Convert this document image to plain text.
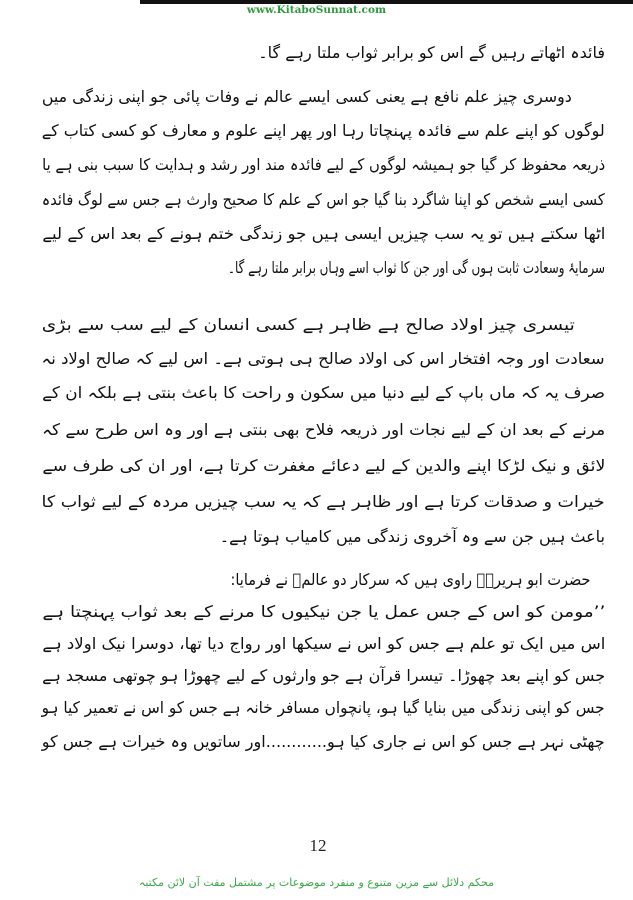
www.KitaboSunnat.com
فائدہ اٹھاتے رہیں گے اس کو برابر ثواب ملتا رہے گا۔
دوسری چیز علم نافع ہے یعنی کسی ایسے عالم نے وفات پائی جو اپنی زندگی میں
لوگوں کو اپنے علم سے فائدہ پہنچاتا رہا اور پھر اپنے علوم و معارف کو کسی کتاب کے
ذریعہ محفوظ کر گیا جو ہمیشہ لوگوں کے لیے فائدہ مند اور رشد و ہدایت کا سبب بنی ہے یا
کسی ایسے شخص کو اپنا شاگرد بنا گیا جو اس کے علم کا صحیح وارث ہے جس سے لوگ فائدہ
اٹھا سکتے ہیں تو یہ سب چیزیں ایسی ہیں جو زندگی ختم ہونے کے بعد اس کے لیے
سرمایۂ وسعادت ثابت ہوں گی اور جن کا ثواب اسے وہاں برابر ملتا رہے گا۔
تیسری چیز اولاد صالح ہے ظاہر ہے کسی انسان کے لیے سب سے بڑی
سعادت اور وجہ افتخار اس کی اولاد صالح ہی ہوتی ہے۔ اس لیے کہ صالح اولاد نہ
صرف یہ کہ ماں باپ کے لیے دنیا میں سکون و راحت کا باعث بنتی ہے بلکہ ان کے
مرنے کے بعد ان کے لیے نجات اور ذریعہ فلاح بھی بنتی ہے اور وہ اس طرح سے کہ
لائق و نیک لڑکا اپنے والدین کے لیے دعائے مغفرت کرتا ہے، اور ان کی طرف سے
خیرات و صدقات کرتا ہے اور ظاہر ہے کہ یہ سب چیزیں مردہ کے لیے ثواب کا
باعث ہیں جن سے وہ آخروی زندگی میں کامیاب ہوتا ہے۔
حضرت ابو ہریرہؓ راوی ہیں کہ سرکار دو عالمؐ نے فرمایا:
’’مومن کو اس کے جس عمل یا جن نیکیوں کا مرنے کے بعد ثواب پہنچتا ہے
اس میں ایک تو علم ہے جس کو اس نے سیکھا اور رواج دیا تھا، دوسرا نیک اولاد ہے
جس کو اپنے بعد چھوڑا۔ تیسرا قرآن ہے جو وارثوں کے لیے چھوڑا ہو چوتھی مسجد ہے
جس کو اپنی زندگی میں بنایا گیا ہو، پانچواں مسافر خانہ ہے جس کو اس نے تعمیر کیا ہو
چھٹی نہر ہے جس کو اس نے جاری کیا ہو............اور ساتویں وہ خیرات ہے جس کو
12
محکم دلائل سے مزین متنوع و منفرد موضوعات پر مشتمل مفت آن لائن مکتبہ
